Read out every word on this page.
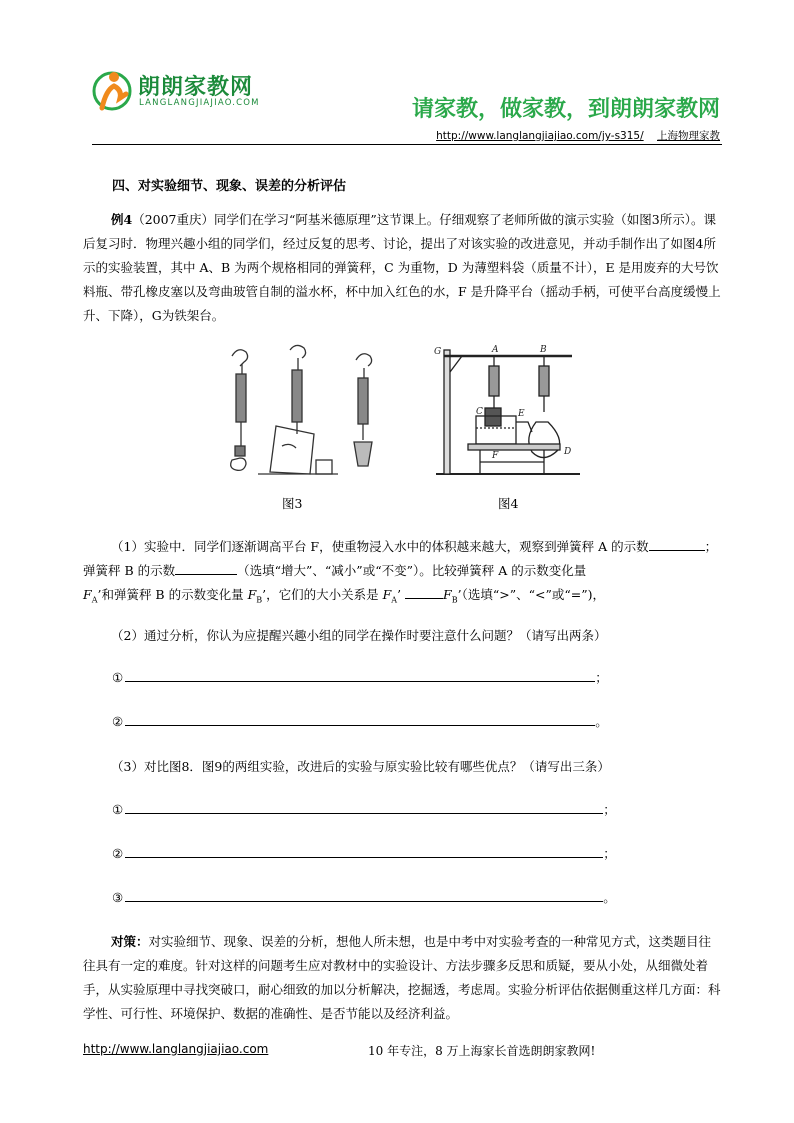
朗朗家教网
LANGLANGJIAJIAO.COM	请家教，做家教，到朗朗家教网
http://www.langlangjiajiao.com/jy-s315/ 上海物理家教
四、对实验细节、现象、误差的分析评估
例4（2007重庆）同学们在学习“阿基米德原理”这节课上。仔细观察了老师所做的演示实验（如图3所示）。课后复习时．物理兴趣小组的同学们，经过反复的思考、讨论，提出了对该实验的改进意见，并动手制作出了如图4所示的实验装置，其中 A、B 为两个规格相同的弹簧秤，C 为重物，D 为薄塑料袋（质量不计），E 是用废弃的大号饮料瓶、带孔橡皮塞以及弯曲玻管自制的溢水杯，杯中加入红色的水，F 是升降平台（摇动手柄，可使平台高度缓慢上升、下降），G为铁架台。
图3
G	A	B
C	E
D
F
图4
（1）实验中．同学们逐渐调高平台 F，使重物浸入水中的体积越来越大，观察到弹簧秤 A 的示数	；弹簧秤 B 的示数	（选填“增大”、“减小”或“不变”）。比较弹簧秤 A 的示数变化量
$F_A$’和弹簧秤 B 的示数变化量 $F_B$’，它们的大小关系是 $F_A$’	$F_B$’（选填“>”、“<”或“=”)，
（2）通过分析，你认为应提醒兴趣小组的同学在操作时要注意什么问题？（请写出两条）
①	；
②	。
（3）对比图8．图9的两组实验，改进后的实验与原实验比较有哪些优点？（请写出三条）
①	；
②	；
③	。
对策：对实验细节、现象、误差的分析，想他人所未想，也是中考中对实验考查的一种常见方式，这类题目往往具有一定的难度。针对这样的问题考生应对教材中的实验设计、方法步骤多反思和质疑，要从小处，从细微处着手，从实验原理中寻找突破口，耐心细致的加以分析解决，挖掘透，考虑周。实验分析评估依据侧重这样几方面：科学性、可行性、环境保护、数据的准确性、是否节能以及经济利益。
http://www.langlangjiajiao.com	10 年专注，8 万上海家长首选朗朗家教网!
